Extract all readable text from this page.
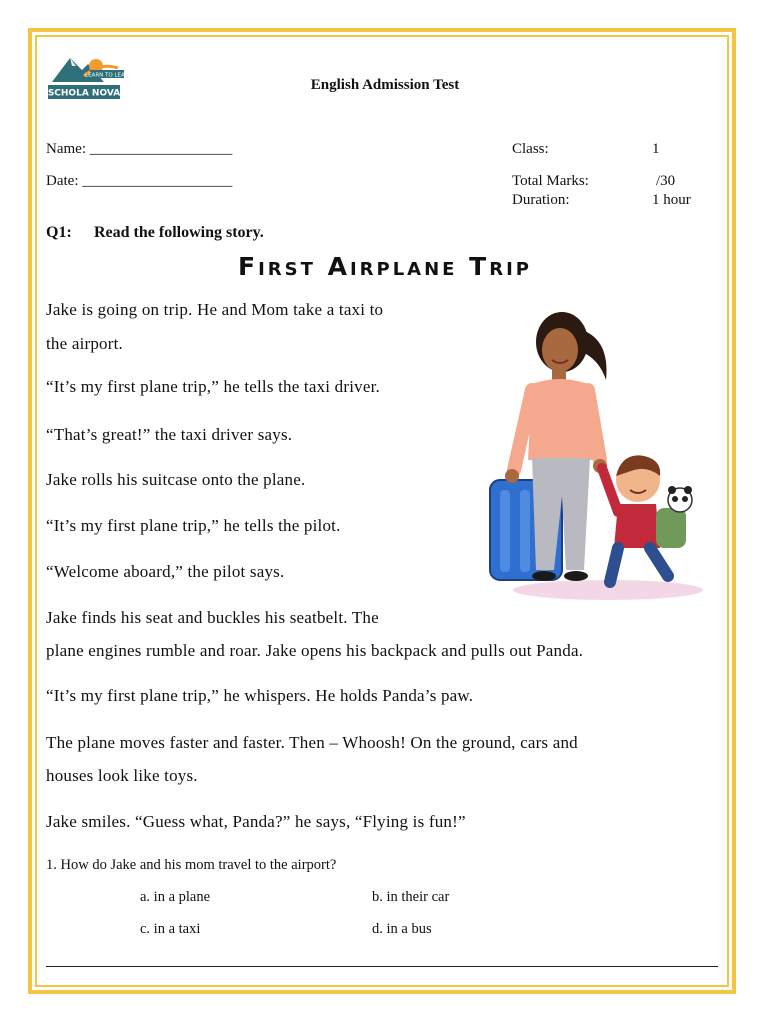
LEARN TO LEAD
SCHOLA NOVA
English Admission Test
Name: ___________________
Date: ____________________
Class:	1
Total Marks:	/30
Duration:	1 hour
Q1: Read the following story.
First Airplane Trip
Jake is going on trip. He and Mom take a taxi to
the airport.
“It’s my first plane trip,” he tells the taxi driver.
“That’s great!” the taxi driver says.
Jake rolls his suitcase onto the plane.
“It’s my first plane trip,” he tells the pilot.
“Welcome aboard,” the pilot says.
Jake finds his seat and buckles his seatbelt. The
plane engines rumble and roar. Jake opens his backpack and pulls out Panda.
“It’s my first plane trip,” he whispers. He holds Panda’s paw.
The plane moves faster and faster. Then – Whoosh! On the ground, cars and
houses look like toys.
Jake smiles. “Guess what, Panda?” he says, “Flying is fun!”
1. How do Jake and his mom travel to the airport?
a. in a plane	b. in their car
c. in a taxi	d. in a bus
